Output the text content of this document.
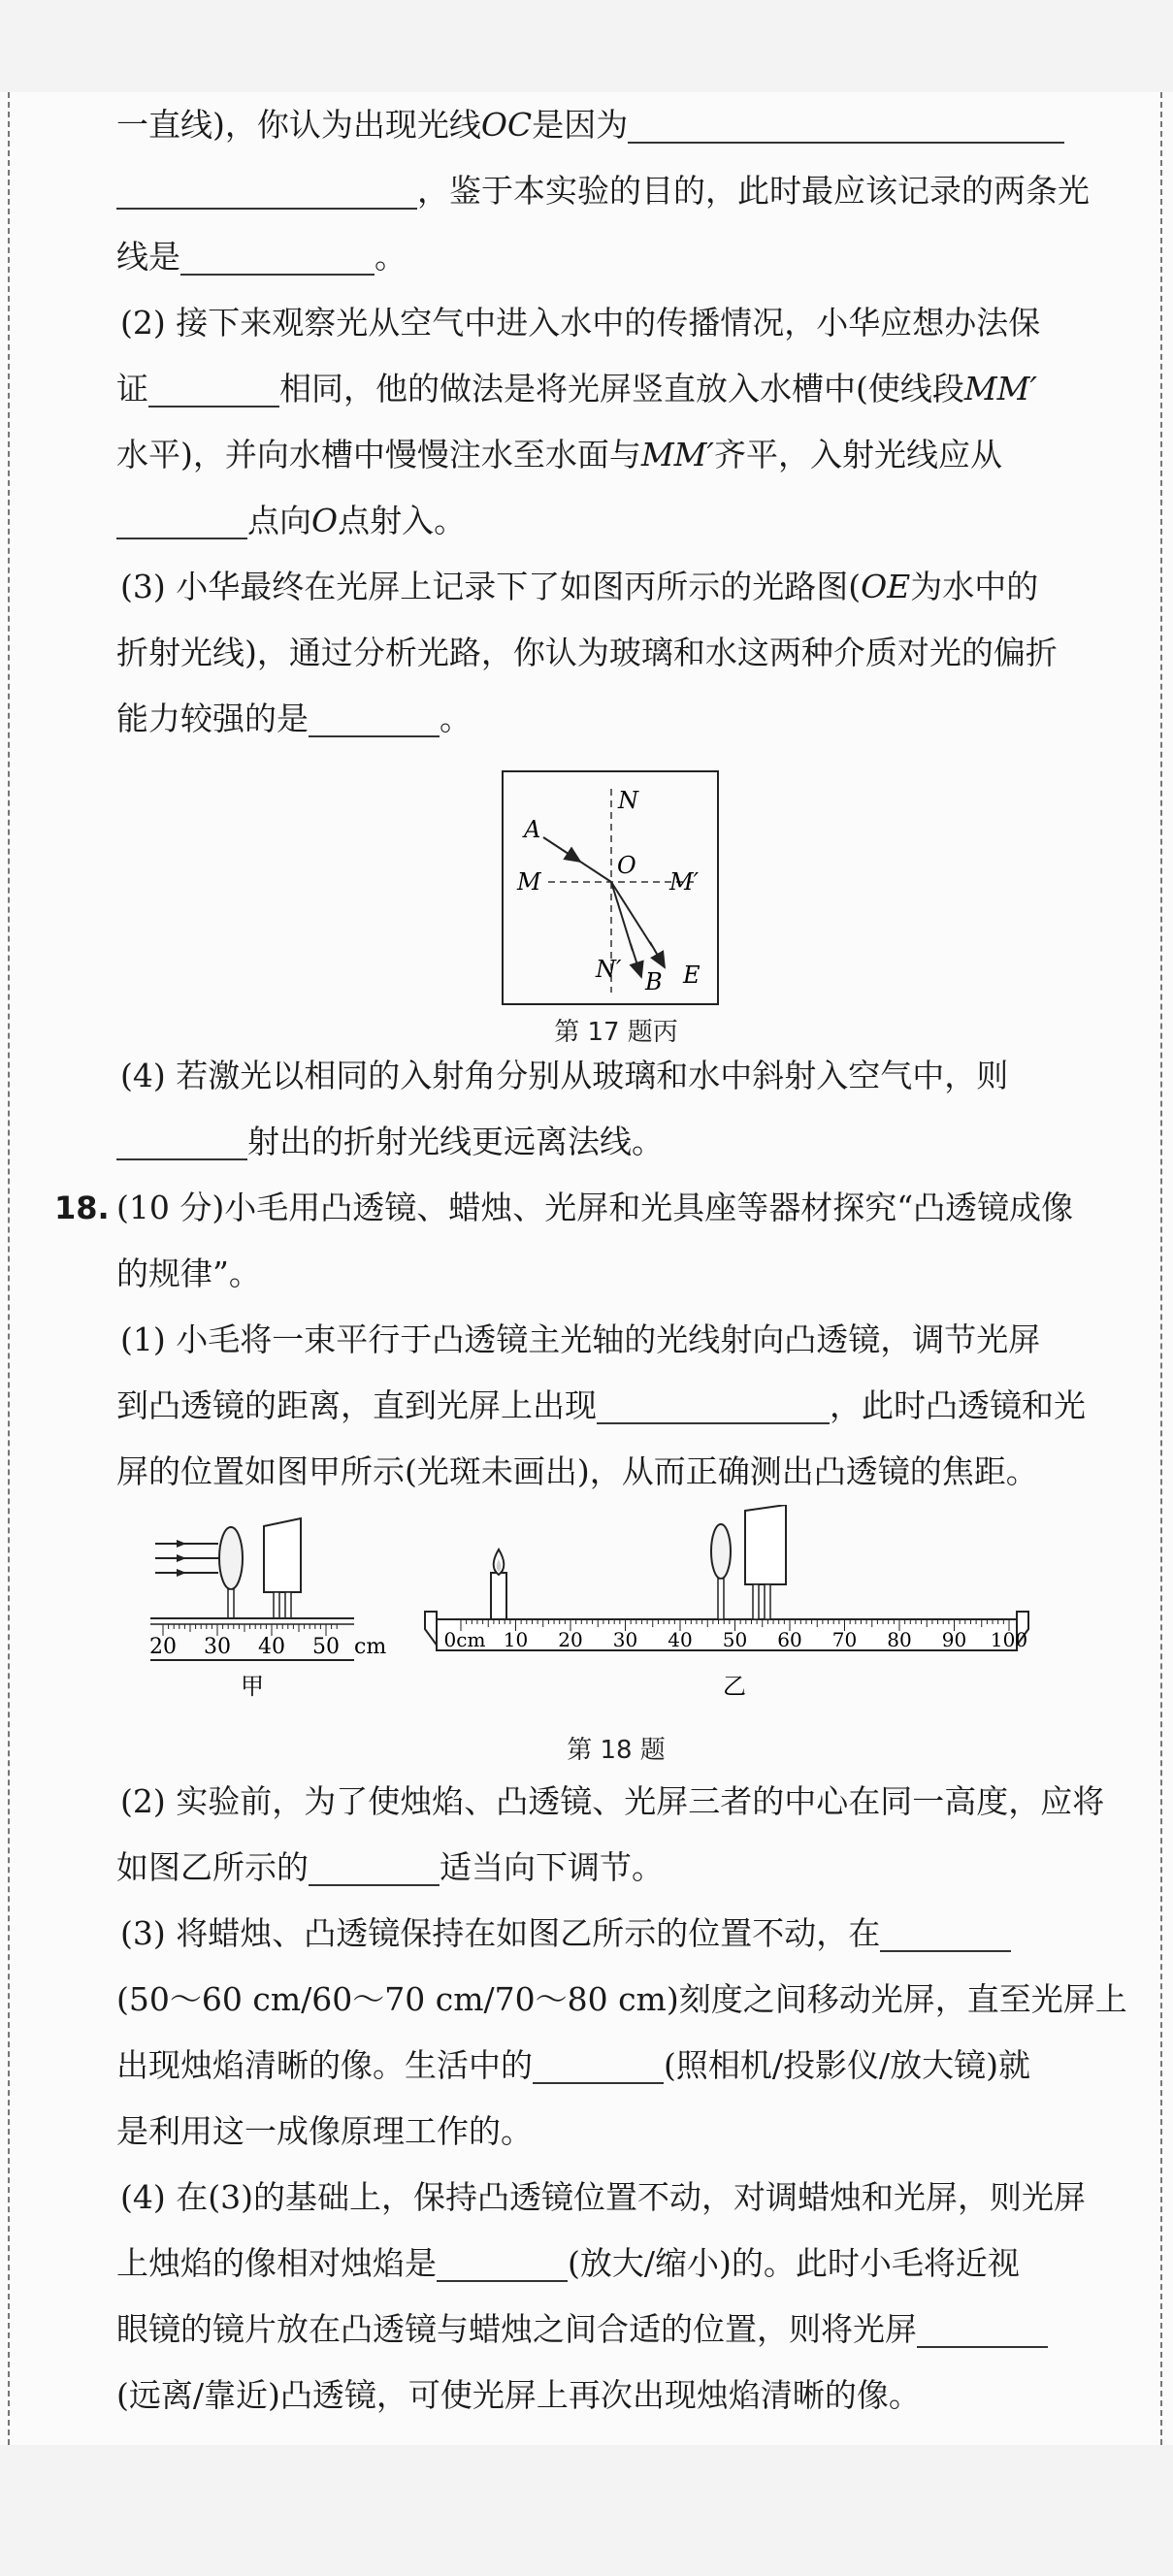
一直线)，你认为出现光线OC是因为
，鉴于本实验的目的，此时最应该记录的两条光
线是	。
(2) 接下来观察光从空气中进入水中的传播情况，小华应想办法保
证	相同，他的做法是将光屏竖直放入水槽中(使线段MM′
水平)，并向水槽中慢慢注水至水面与MM′齐平，入射光线应从
点向O点射入。
(3) 小华最终在光屏上记录下了如图丙所示的光路图(OE为水中的
折射光线)，通过分析光路，你认为玻璃和水这两种介质对光的偏折
能力较强的是	。
A
N
O
M	M′
N′ B E
第 17 题丙
(4) 若激光以相同的入射角分别从玻璃和水中斜射入空气中，则
射出的折射光线更远离法线。
18. (10 分)小毛用凸透镜、蜡烛、光屏和光具座等器材探究“凸透镜成像
的规律”。
(1) 小毛将一束平行于凸透镜主光轴的光线射向凸透镜，调节光屏
到凸透镜的距离，直到光屏上出现	，此时凸透镜和光
屏的位置如图甲所示(光斑未画出)，从而正确测出凸透镜的焦距。
20 30 40 50 cm
甲
0cm 10 20 30 40 50 60 70 80 90 100
乙
第 18 题
(2) 实验前，为了使烛焰、凸透镜、光屏三者的中心在同一高度，应将
如图乙所示的	适当向下调节。
(3) 将蜡烛、凸透镜保持在如图乙所示的位置不动，在
(50～60 cm/60～70 cm/70～80 cm)刻度之间移动光屏，直至光屏上
出现烛焰清晰的像。生活中的	(照相机/投影仪/放大镜)就
是利用这一成像原理工作的。
(4) 在(3)的基础上，保持凸透镜位置不动，对调蜡烛和光屏，则光屏
上烛焰的像相对烛焰是	(放大/缩小)的。此时小毛将近视
眼镜的镜片放在凸透镜与蜡烛之间合适的位置，则将光屏
(远离/靠近)凸透镜，可使光屏上再次出现烛焰清晰的像。
